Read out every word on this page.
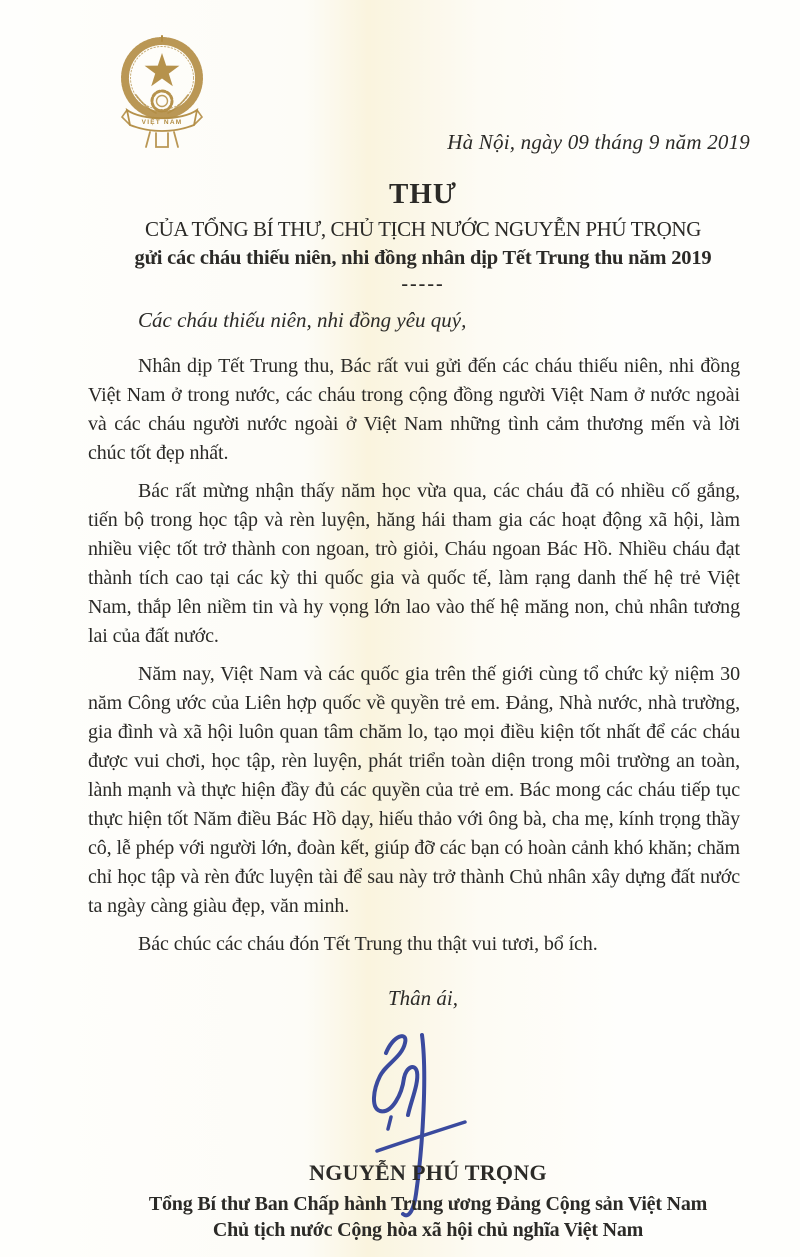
VIỆT NAM
Hà Nội, ngày 09 tháng 9 năm 2019
THƯ
CỦA TỔNG BÍ THƯ, CHỦ TỊCH NƯỚC NGUYỄN PHÚ TRỌNG
gửi các cháu thiếu niên, nhi đồng nhân dịp Tết Trung thu năm 2019
-----
Các cháu thiếu niên, nhi đồng yêu quý,

Nhân dịp Tết Trung thu, Bác rất vui gửi đến các cháu thiếu niên, nhi đồng Việt Nam ở trong nước, các cháu trong cộng đồng người Việt Nam ở nước ngoài và các cháu người nước ngoài ở Việt Nam những tình cảm thương mến và lời chúc tốt đẹp nhất.

Bác rất mừng nhận thấy năm học vừa qua, các cháu đã có nhiều cố gắng, tiến bộ trong học tập và rèn luyện, hăng hái tham gia các hoạt động xã hội, làm nhiều việc tốt trở thành con ngoan, trò giỏi, Cháu ngoan Bác Hồ. Nhiều cháu đạt thành tích cao tại các kỳ thi quốc gia và quốc tế, làm rạng danh thế hệ trẻ Việt Nam, thắp lên niềm tin và hy vọng lớn lao vào thế hệ măng non, chủ nhân tương lai của đất nước.

Năm nay, Việt Nam và các quốc gia trên thế giới cùng tổ chức kỷ niệm 30 năm Công ước của Liên hợp quốc về quyền trẻ em. Đảng, Nhà nước, nhà trường, gia đình và xã hội luôn quan tâm chăm lo, tạo mọi điều kiện tốt nhất để các cháu được vui chơi, học tập, rèn luyện, phát triển toàn diện trong môi trường an toàn, lành mạnh và thực hiện đầy đủ các quyền của trẻ em. Bác mong các cháu tiếp tục thực hiện tốt Năm điều Bác Hồ dạy, hiếu thảo với ông bà, cha mẹ, kính trọng thầy cô, lễ phép với người lớn, đoàn kết, giúp đỡ các bạn có hoàn cảnh khó khăn; chăm chỉ học tập và rèn đức luyện tài để sau này trở thành Chủ nhân xây dựng đất nước ta ngày càng giàu đẹp, văn minh.

Bác chúc các cháu đón Tết Trung thu thật vui tươi, bổ ích.

Thân ái,
NGUYỄN PHÚ TRỌNG
Tổng Bí thư Ban Chấp hành Trung ương Đảng Cộng sản Việt Nam
Chủ tịch nước Cộng hòa xã hội chủ nghĩa Việt Nam
